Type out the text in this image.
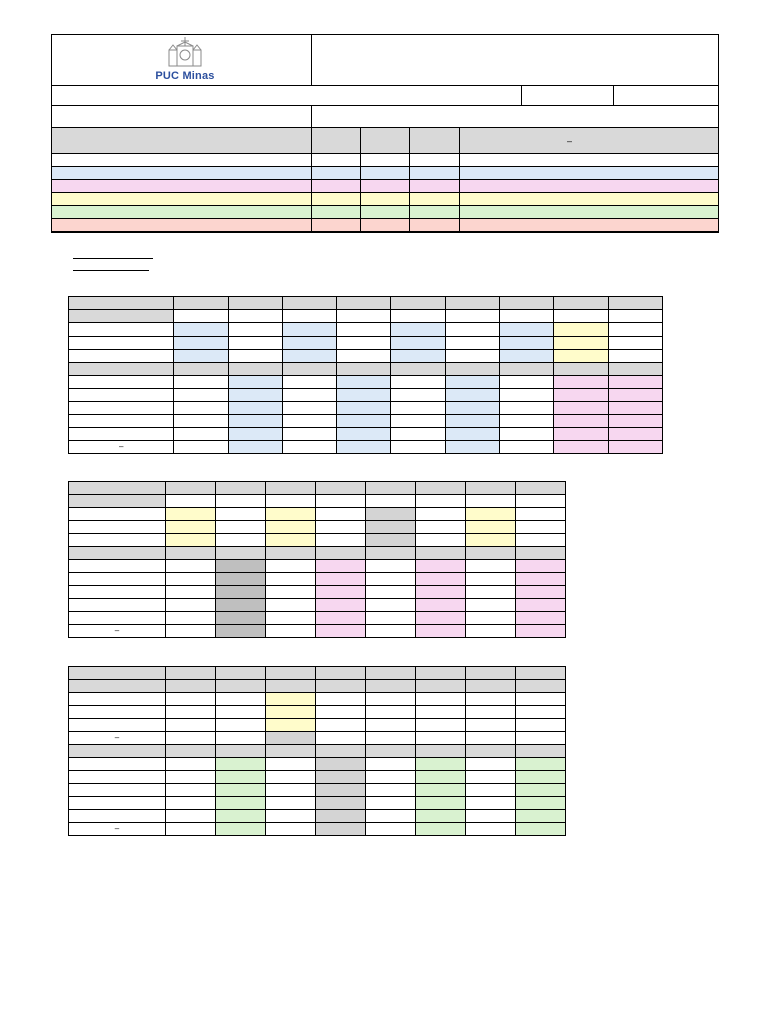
PUC Minas
–

–									

–								

–								

–								
